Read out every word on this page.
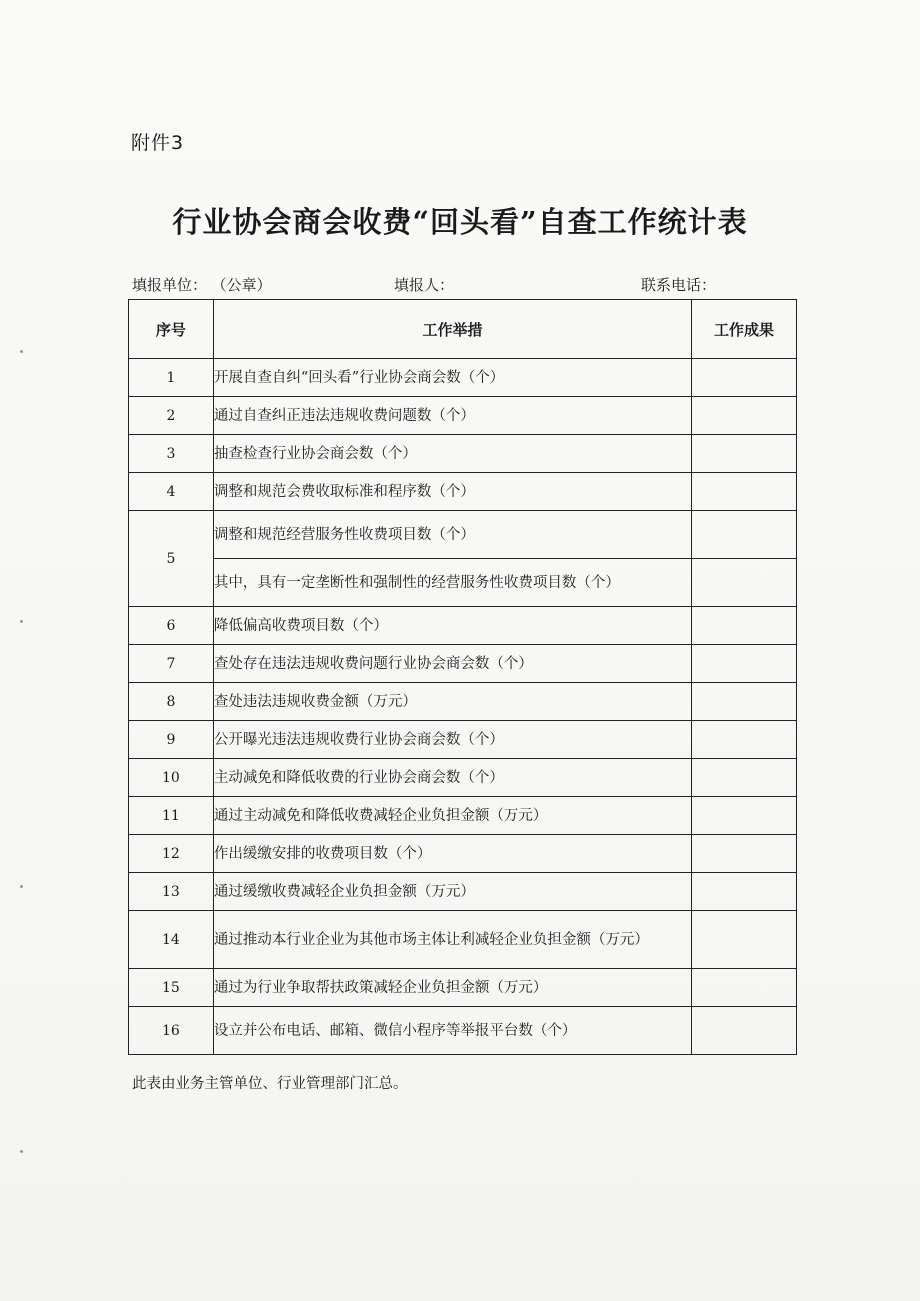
附件3
行业协会商会收费“回头看”自查工作统计表
填报单位： （公章）	填报人：	联系电话：
序号	工作举措	工作成果
1	开展自查自纠“回头看”行业协会商会数（个）	
2	通过自查纠正违法违规收费问题数（个）	
3	抽查检查行业协会商会数（个）	
4	调整和规范会费收取标准和程序数（个）	
5	调整和规范经营服务性收费项目数（个）	
	其中，具有一定垄断性和强制性的经营服务性收费项目数（个）	
6	降低偏高收费项目数（个）	
7	查处存在违法违规收费问题行业协会商会数（个）	
8	查处违法违规收费金额（万元）	
9	公开曝光违法违规收费行业协会商会数（个）	
10	主动减免和降低收费的行业协会商会数（个）	
11	通过主动减免和降低收费减轻企业负担金额（万元）	
12	作出缓缴安排的收费项目数（个）	
13	通过缓缴收费减轻企业负担金额（万元）	
14	通过推动本行业企业为其他市场主体让利减轻企业负担金额（万元）	
15	通过为行业争取帮扶政策减轻企业负担金额（万元）	
16	设立并公布电话、邮箱、微信小程序等举报平台数（个）	
此表由业务主管单位、行业管理部门汇总。
